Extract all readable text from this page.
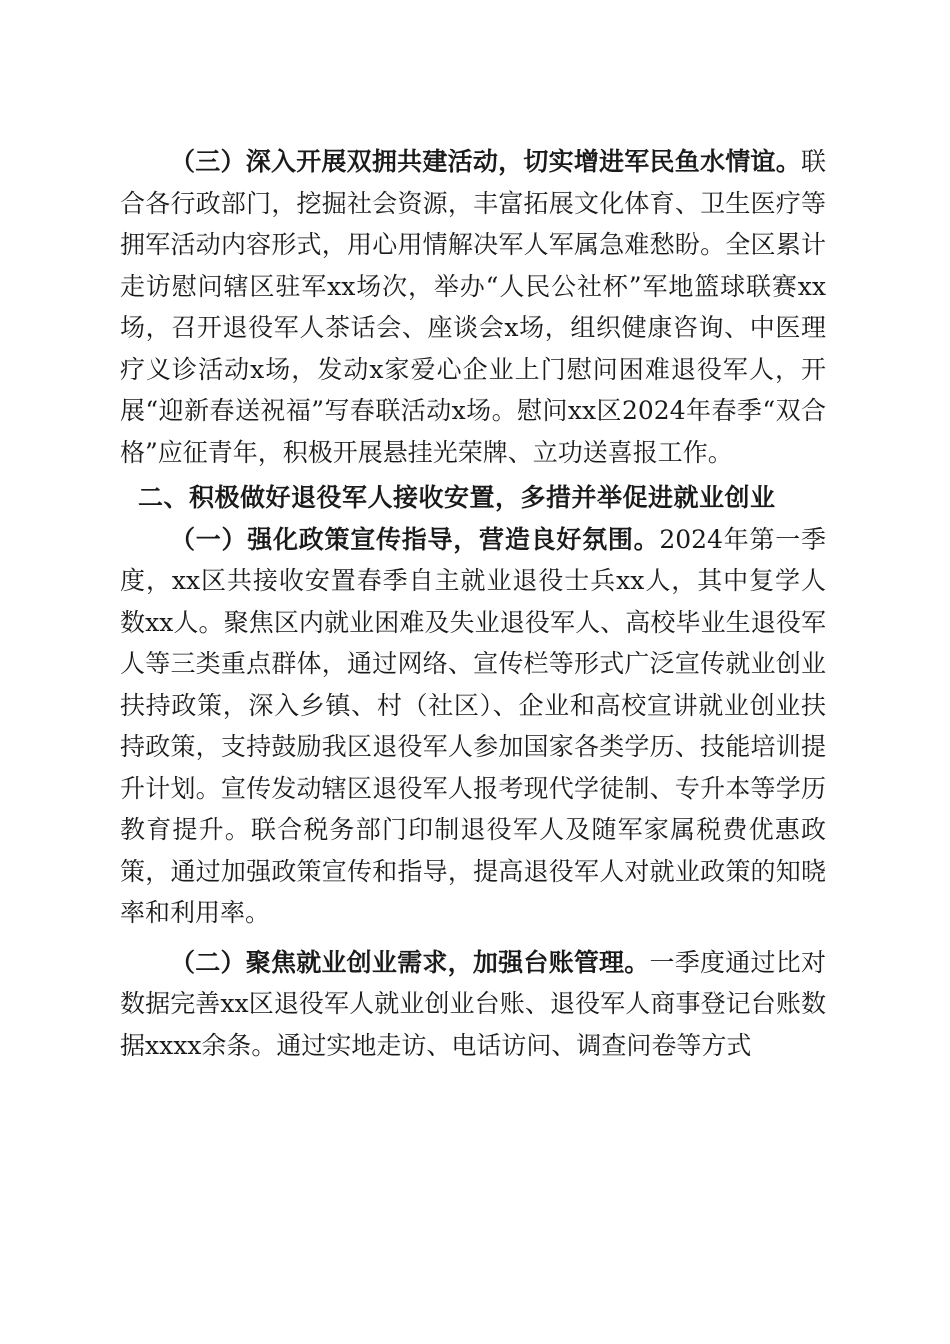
（三）深入开展双拥共建活动，切实增进军民鱼水情谊。联合各行政部门，挖掘社会资源，丰富拓展文化体育、卫生医疗等拥军活动内容形式，用心用情解决军人军属急难愁盼。全区累计走访慰问辖区驻军xx场次，举办“人民公社杯”军地篮球联赛xx场，召开退役军人茶话会、座谈会x场，组织健康咨询、中医理疗义诊活动x场，发动x家爱心企业上门慰问困难退役军人，开展“迎新春送祝福”写春联活动x场。慰问xx区2024年春季“双合格”应征青年，积极开展悬挂光荣牌、立功送喜报工作。

二、积极做好退役军人接收安置，多措并举促进就业创业

（一）强化政策宣传指导，营造良好氛围。2024年第一季度，xx区共接收安置春季自主就业退役士兵xx人，其中复学人数xx人。聚焦区内就业困难及失业退役军人、高校毕业生退役军人等三类重点群体，通过网络、宣传栏等形式广泛宣传就业创业扶持政策，深入乡镇、村（社区）、企业和高校宣讲就业创业扶持政策，支持鼓励我区退役军人参加国家各类学历、技能培训提升计划。宣传发动辖区退役军人报考现代学徒制、专升本等学历教育提升。联合税务部门印制退役军人及随军家属税费优惠政策，通过加强政策宣传和指导，提高退役军人对就业政策的知晓率和利用率。

（二）聚焦就业创业需求，加强台账管理。一季度通过比对数据完善xx区退役军人就业创业台账、退役军人商事登记台账数据xxxx余条。通过实地走访、电话访问、调查问卷等方式
